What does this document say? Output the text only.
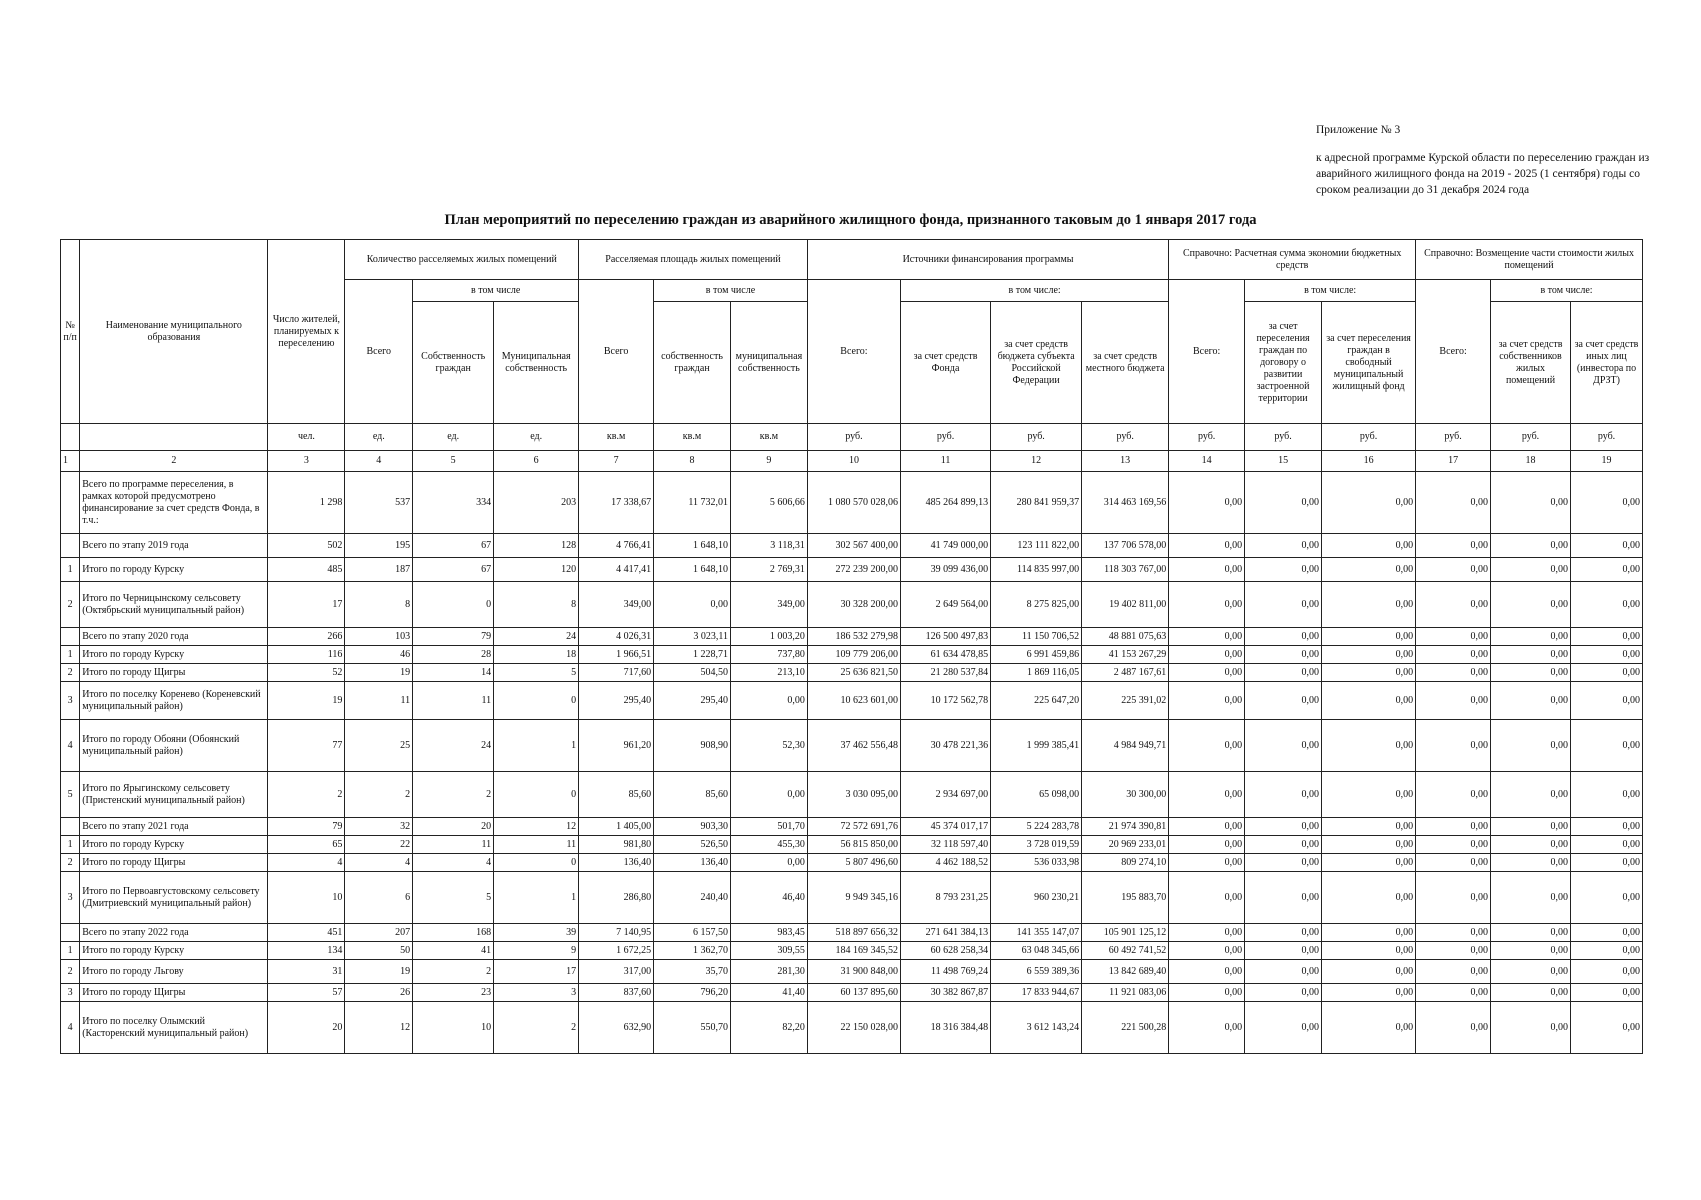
Приложение № 3
к адресной программе Курской области по переселению граждан из аварийного жилищного фонда на 2019 - 2025 (1 сентября) годы со сроком реализации до 31 декабря 2024 года
План мероприятий по переселению граждан из аварийного жилищного фонда, признанного таковым до 1 января 2017 года
№ п/п	Наименование муниципального образования	Число жителей, планируемых к переселению	Количество расселяемых жилых помещений			Расселяемая площадь жилых помещений			Источники финансирования программы				Справочно: Расчетная сумма экономии бюджетных средств			Справочно: Возмещение части стоимости жилых помещений		
			Всего	в том числе		Всего	в том числе		Всего:	в том числе:			Всего:	в том числе:		Всего:	в том числе:	
				Собственность граждан	Муниципальная собственность		собственность граждан	муниципальная собственность		за счет средств Фонда	за счет средств бюджета субъекта Российской Федерации	за счет средств местного бюджета		за счет переселения граждан по договору о развитии застроенной территории	за счет переселения граждан в свободный муниципальный жилищный фонд		за счет средств собственников жилых помещений	за счет средств иных лиц (инвестора по ДРЗТ)
		чел.	ед.	ед.	ед.	кв.м	кв.м	кв.м	руб.	руб.	руб.	руб.	руб.	руб.	руб.	руб.	руб.	руб.
1	2	3	4	5	6	7	8	9	10	11	12	13	14	15	16	17	18	19
	Всего по программе переселения, в рамках которой предусмотрено финансирование за счет средств Фонда, в т.ч.:	1 298	537	334	203	17 338,67	11 732,01	5 606,66	1 080 570 028,06	485 264 899,13	280 841 959,37	314 463 169,56	0,00	0,00	0,00	0,00	0,00	0,00
	Всего по этапу 2019 года	502	195	67	128	4 766,41	1 648,10	3 118,31	302 567 400,00	41 749 000,00	123 111 822,00	137 706 578,00	0,00	0,00	0,00	0,00	0,00	0,00
1	Итого по городу Курску	485	187	67	120	4 417,41	1 648,10	2 769,31	272 239 200,00	39 099 436,00	114 835 997,00	118 303 767,00	0,00	0,00	0,00	0,00	0,00	0,00
2	Итого по Черницынскому сельсовету (Октябрьский муниципальный район)	17	8	0	8	349,00	0,00	349,00	30 328 200,00	2 649 564,00	8 275 825,00	19 402 811,00	0,00	0,00	0,00	0,00	0,00	0,00
	Всего по этапу 2020 года	266	103	79	24	4 026,31	3 023,11	1 003,20	186 532 279,98	126 500 497,83	11 150 706,52	48 881 075,63	0,00	0,00	0,00	0,00	0,00	0,00
1	Итого по городу Курску	116	46	28	18	1 966,51	1 228,71	737,80	109 779 206,00	61 634 478,85	6 991 459,86	41 153 267,29	0,00	0,00	0,00	0,00	0,00	0,00
2	Итого по городу Щигры	52	19	14	5	717,60	504,50	213,10	25 636 821,50	21 280 537,84	1 869 116,05	2 487 167,61	0,00	0,00	0,00	0,00	0,00	0,00
3	Итого по поселку Коренево (Кореневский муниципальный район)	19	11	11	0	295,40	295,40	0,00	10 623 601,00	10 172 562,78	225 647,20	225 391,02	0,00	0,00	0,00	0,00	0,00	0,00
4	Итого по городу Обояни (Обоянский муниципальный район)	77	25	24	1	961,20	908,90	52,30	37 462 556,48	30 478 221,36	1 999 385,41	4 984 949,71	0,00	0,00	0,00	0,00	0,00	0,00
5	Итого по Ярыгинскому сельсовету (Пристенский муниципальный район)	2	2	2	0	85,60	85,60	0,00	3 030 095,00	2 934 697,00	65 098,00	30 300,00	0,00	0,00	0,00	0,00	0,00	0,00
	Всего по этапу 2021 года	79	32	20	12	1 405,00	903,30	501,70	72 572 691,76	45 374 017,17	5 224 283,78	21 974 390,81	0,00	0,00	0,00	0,00	0,00	0,00
1	Итого по городу Курску	65	22	11	11	981,80	526,50	455,30	56 815 850,00	32 118 597,40	3 728 019,59	20 969 233,01	0,00	0,00	0,00	0,00	0,00	0,00
2	Итого по городу Щигры	4	4	4	0	136,40	136,40	0,00	5 807 496,60	4 462 188,52	536 033,98	809 274,10	0,00	0,00	0,00	0,00	0,00	0,00
3	Итого по Первоавгустовскому сельсовету (Дмитриевский муниципальный район)	10	6	5	1	286,80	240,40	46,40	9 949 345,16	8 793 231,25	960 230,21	195 883,70	0,00	0,00	0,00	0,00	0,00	0,00
	Всего по этапу 2022 года	451	207	168	39	7 140,95	6 157,50	983,45	518 897 656,32	271 641 384,13	141 355 147,07	105 901 125,12	0,00	0,00	0,00	0,00	0,00	0,00
1	Итого по городу Курску	134	50	41	9	1 672,25	1 362,70	309,55	184 169 345,52	60 628 258,34	63 048 345,66	60 492 741,52	0,00	0,00	0,00	0,00	0,00	0,00
2	Итого по городу Льгову	31	19	2	17	317,00	35,70	281,30	31 900 848,00	11 498 769,24	6 559 389,36	13 842 689,40	0,00	0,00	0,00	0,00	0,00	0,00
3	Итого по городу Щигры	57	26	23	3	837,60	796,20	41,40	60 137 895,60	30 382 867,87	17 833 944,67	11 921 083,06	0,00	0,00	0,00	0,00	0,00	0,00
4	Итого по поселку Олымский (Касторенский муниципальный район)	20	12	10	2	632,90	550,70	82,20	22 150 028,00	18 316 384,48	3 612 143,24	221 500,28	0,00	0,00	0,00	0,00	0,00	0,00
